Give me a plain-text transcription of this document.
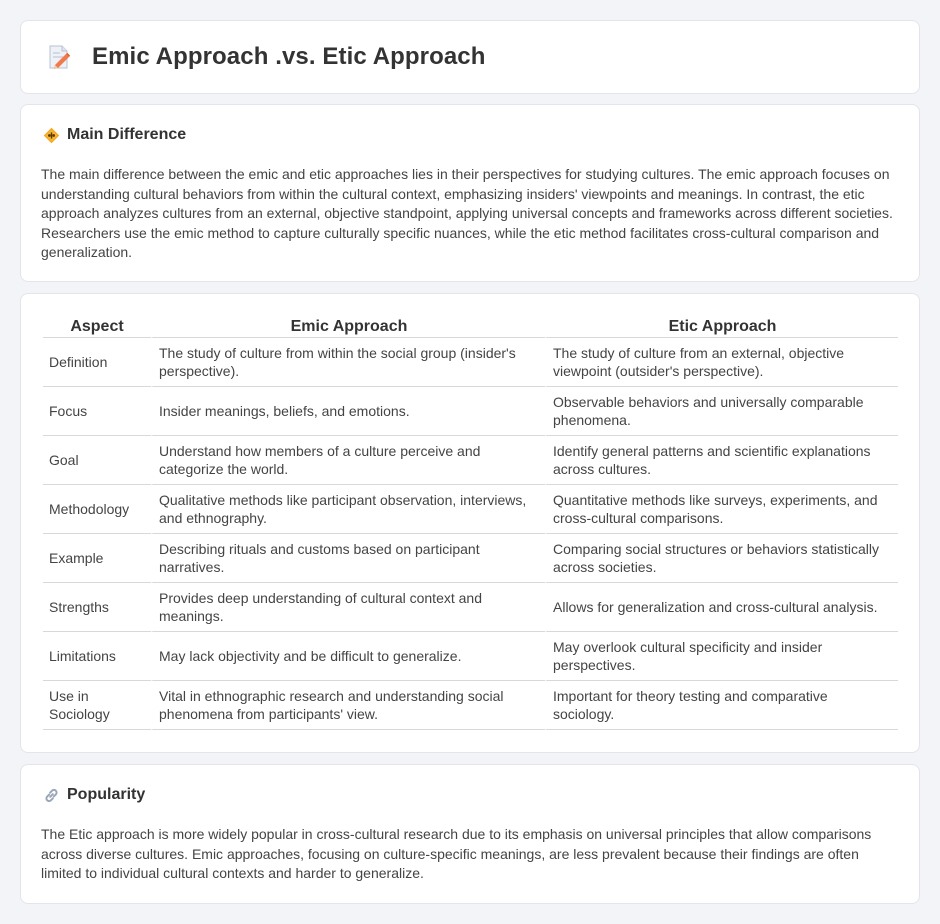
Emic Approach .vs. Etic Approach
Main Difference

The main difference between the emic and etic approaches lies in their perspectives for studying cultures. The emic approach focuses on understanding cultural behaviors from within the cultural context, emphasizing insiders' viewpoints and meanings. In contrast, the etic approach analyzes cultures from an external, objective standpoint, applying universal concepts and frameworks across different societies. Researchers use the emic method to capture culturally specific nuances, while the etic method facilitates cross-cultural comparison and generalization.

Aspect	Emic Approach	Etic Approach
Definition	The study of culture from within the social group (insider's perspective).	The study of culture from an external, objective viewpoint (outsider's perspective).
Focus	Insider meanings, beliefs, and emotions.	Observable behaviors and universally comparable phenomena.
Goal	Understand how members of a culture perceive and categorize the world.	Identify general patterns and scientific explanations across cultures.
Methodology	Qualitative methods like participant observation, interviews, and ethnography.	Quantitative methods like surveys, experiments, and cross-cultural comparisons.
Example	Describing rituals and customs based on participant narratives.	Comparing social structures or behaviors statistically across societies.
Strengths	Provides deep understanding of cultural context and meanings.	Allows for generalization and cross-cultural analysis.
Limitations	May lack objectivity and be difficult to generalize.	May overlook cultural specificity and insider perspectives.
Use in Sociology	Vital in ethnographic research and understanding social phenomena from participants' view.	Important for theory testing and comparative sociology.
Popularity

The Etic approach is more widely popular in cross-cultural research due to its emphasis on universal principles that allow comparisons across diverse cultures. Emic approaches, focusing on culture-specific meanings, are less prevalent because their findings are often limited to individual cultural contexts and harder to generalize.
